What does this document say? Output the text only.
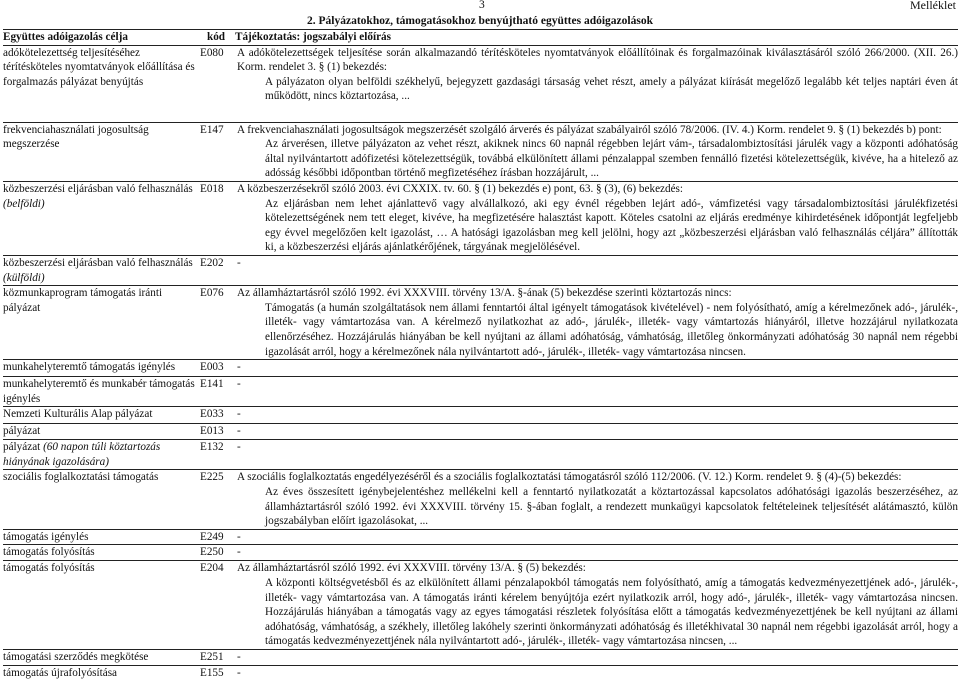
3	Melléklet
2. Pályázatokhoz, támogatásokhoz benyújtható együttes adóigazolások
Együttes adóigazolás célja	kód	Tájékoztatás: jogszabályi előírás
adókötelezettség teljesítéséhez térítésköteles nyomtatványok előállítása és forgalmazás pályázat benyújtás	E080	A adókötelezettségek teljesítése során alkalmazandó térítésköteles nyomtatványok előállítóinak és forgalmazóinak kiválasztásáról szóló 266/2000. (XII. 26.) Korm. rendelet 3. § (1) bekezdés:
A pályázaton olyan belföldi székhelyű, bejegyzett gazdasági társaság vehet részt, amely a pályázat kiírását megelőző legalább két teljes naptári éven át működött, nincs köztartozása, ...

frekvenciahasználati jogosultság megszerzése	E147	A frekvenciahasználati jogosultságok megszerzését szolgáló árverés és pályázat szabályairól szóló 78/2006. (IV. 4.) Korm. rendelet 9. § (1) bekezdés b) pont:
Az árverésen, illetve pályázaton az vehet részt, akiknek nincs 60 napnál régebben lejárt vám-, társadalombiztosítási járulék vagy a központi adóhatóság által nyilvántartott adófizetési kötelezettségük, továbbá elkülönített állami pénzalappal szemben fennálló fizetési kötelezettségük, kivéve, ha a hitelező az adósság későbbi időpontban történő megfizetéséhez írásban hozzájárult, ...

közbeszerzési eljárásban való felhasználás (belföldi)	E018	A közbeszerzésekről szóló 2003. évi CXXIX. tv. 60. § (1) bekezdés e) pont, 63. § (3), (6) bekezdés:
Az eljárásban nem lehet ajánlattevő vagy alvállalkozó, aki egy évnél régebben lejárt adó-, vámfizetési vagy társadalombiztosítási járulékfizetési kötelezettségének nem tett eleget, kivéve, ha megfizetésére halasztást kapott. Köteles csatolni az eljárás eredménye kihirdetésének időpontját legfeljebb egy évvel megelőzően kelt igazolást, … A hatósági igazolásban meg kell jelölni, hogy azt „közbeszerzési eljárásban való felhasználás céljára” állították ki, a közbeszerzési eljárás ajánlatkérőjének, tárgyának megjelölésével.

közbeszerzési eljárásban való felhasználás (külföldi)	E202	-
közmunkaprogram támogatás iránti pályázat	E076	Az államháztartásról szóló 1992. évi XXXVIII. törvény 13/A. §-ának (5) bekezdése szerinti köztartozás nincs:
Támogatás (a humán szolgáltatások nem állami fenntartói által igényelt támogatások kivételével) - nem folyósítható, amíg a kérelmezőnek adó-, járulék-, illeték- vagy vámtartozása van. A kérelmező nyilatkozhat az adó-, járulék-, illeték- vagy vámtartozás hiányáról, illetve hozzájárul nyilatkozata ellenőrzéséhez. Hozzájárulás hiányában be kell nyújtani az állami adóhatóság, vámhatóság, illetőleg önkormányzati adóhatóság 30 napnál nem régebbi igazolását arról, hogy a kérelmezőnek nála nyilvántartott adó-, járulék-, illeték- vagy vámtartozása nincsen.

munkahelyteremtő támogatás igénylés	E003	-
munkahelyteremtő és munkabér támogatás igénylés	E141	-
Nemzeti Kulturális Alap pályázat	E033	-
pályázat	E013	-
pályázat (60 napon túli köztartozás hiányának igazolására)	E132	-
szociális foglalkoztatási támogatás	E225	A szociális foglalkoztatás engedélyezéséről és a szociális foglalkoztatási támogatásról szóló 112/2006. (V. 12.) Korm. rendelet 9. § (4)-(5) bekezdés:
Az éves összesített igénybejelentéshez mellékelni kell a fenntartó nyilatkozatát a köztartozással kapcsolatos adóhatósági igazolás beszerzéséhez, az államháztartásról szóló 1992. évi XXXVIII. törvény 15. §-ában foglalt, a rendezett munkaügyi kapcsolatok feltételeinek teljesítését alátámasztó, külön jogszabályban előírt igazolásokat, ...

támogatás igénylés	E249	-
támogatás folyósítás	E250	-
támogatás folyósítás	E204	Az államháztartásról szóló 1992. évi XXXVIII. törvény 13/A. § (5) bekezdés:
A központi költségvetésből és az elkülönített állami pénzalapokból támogatás nem folyósítható, amíg a támogatás kedvezményezettjének adó-, járulék-, illeték- vagy vámtartozása van. A támogatás iránti kérelem benyújtója ezért nyilatkozik arról, hogy adó-, járulék-, illeték- vagy vámtartozása nincsen. Hozzájárulás hiányában a támogatás vagy az egyes támogatási részletek folyósítása előtt a támogatás kedvezményezettjének be kell nyújtani az állami adóhatóság, vámhatóság, a székhely, illetőleg lakóhely szerinti önkormányzati adóhatóság és illetékhivatal 30 napnál nem régebbi igazolását arról, hogy a támogatás kedvezményezettjének nála nyilvántartott adó-, járulék-, illeték- vagy vámtartozása nincsen, ...

támogatási szerződés megkötése	E251	-
támogatás újrafolyósítása	E155	-
